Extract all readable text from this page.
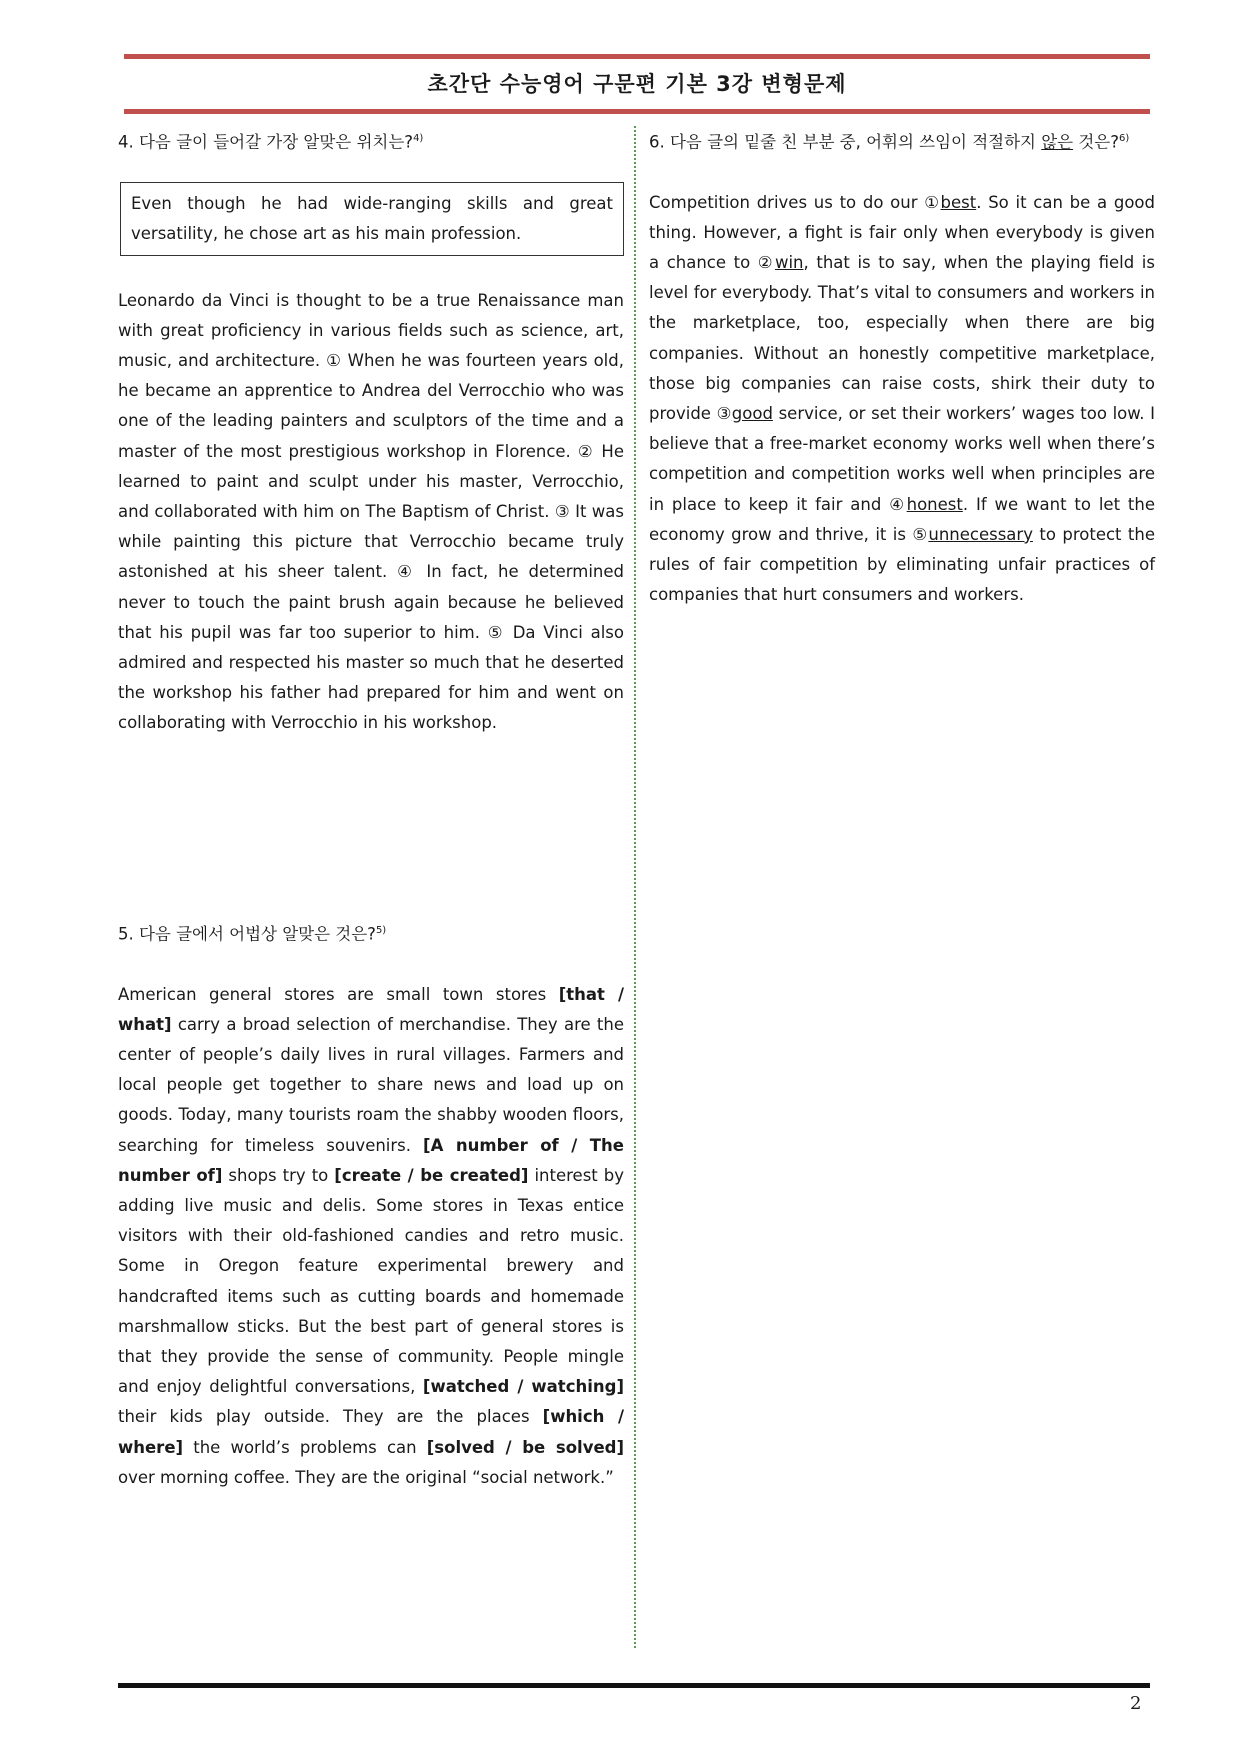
초간단 수능영어 구문편 기본 3강 변형문제

4. 다음 글이 들어갈 가장 알맞은 위치는?$^{4)}$

Even though he had wide-ranging skills and great versatility, he chose art as his main profession.

Leonardo da Vinci is thought to be a true Renaissance man with great proficiency in various fields such as science, art, music, and architecture. ① When he was fourteen years old, he became an apprentice to Andrea del Verrocchio who was one of the leading painters and sculptors of the time and a master of the most prestigious workshop in Florence. ② He learned to paint and sculpt under his master, Verrocchio, and collaborated with him on The Baptism of Christ. ③ It was while painting this picture that Verrocchio became truly astonished at his sheer talent. ④ In fact, he determined never to touch the paint brush again because he believed that his pupil was far too superior to him. ⑤ Da Vinci also admired and respected his master so much that he deserted the workshop his father had prepared for him and went on collaborating with Verrocchio in his workshop.

5. 다음 글에서 어법상 알맞은 것은?$^{5)}$

American general stores are small town stores [that / what] carry a broad selection of merchandise. They are the center of people’s daily lives in rural villages. Farmers and local people get together to share news and load up on goods. Today, many tourists roam the shabby wooden floors, searching for timeless souvenirs. [A number of / The number of] shops try to [create / be created] interest by adding live music and delis. Some stores in Texas entice visitors with their old-fashioned candies and retro music. Some in Oregon feature experimental brewery and handcrafted items such as cutting boards and homemade marshmallow sticks. But the best part of general stores is that they provide the sense of community. People mingle and enjoy delightful conversations, [watched / watching] their kids play outside. They are the places [which / where] the world’s problems can [solved / be solved] over morning coffee. They are the original “social network.”

6. 다음 글의 밑줄 친 부분 중, 어휘의 쓰임이 적절하지 않은 것은?$^{6)}$

Competition drives us to do our ①best. So it can be a good thing. However, a fight is fair only when everybody is given a chance to ②win, that is to say, when the playing field is level for everybody. That’s vital to consumers and workers in the marketplace, too, especially when there are big companies. Without an honestly competitive marketplace, those big companies can raise costs, shirk their duty to provide ③good service, or set their workers’ wages too low. I believe that a free-market economy works well when there’s competition and competition works well when principles are in place to keep it fair and ④honest. If we want to let the economy grow and thrive, it is ⑤unnecessary to protect the rules of fair competition by eliminating unfair practices of companies that hurt consumers and workers.

2
